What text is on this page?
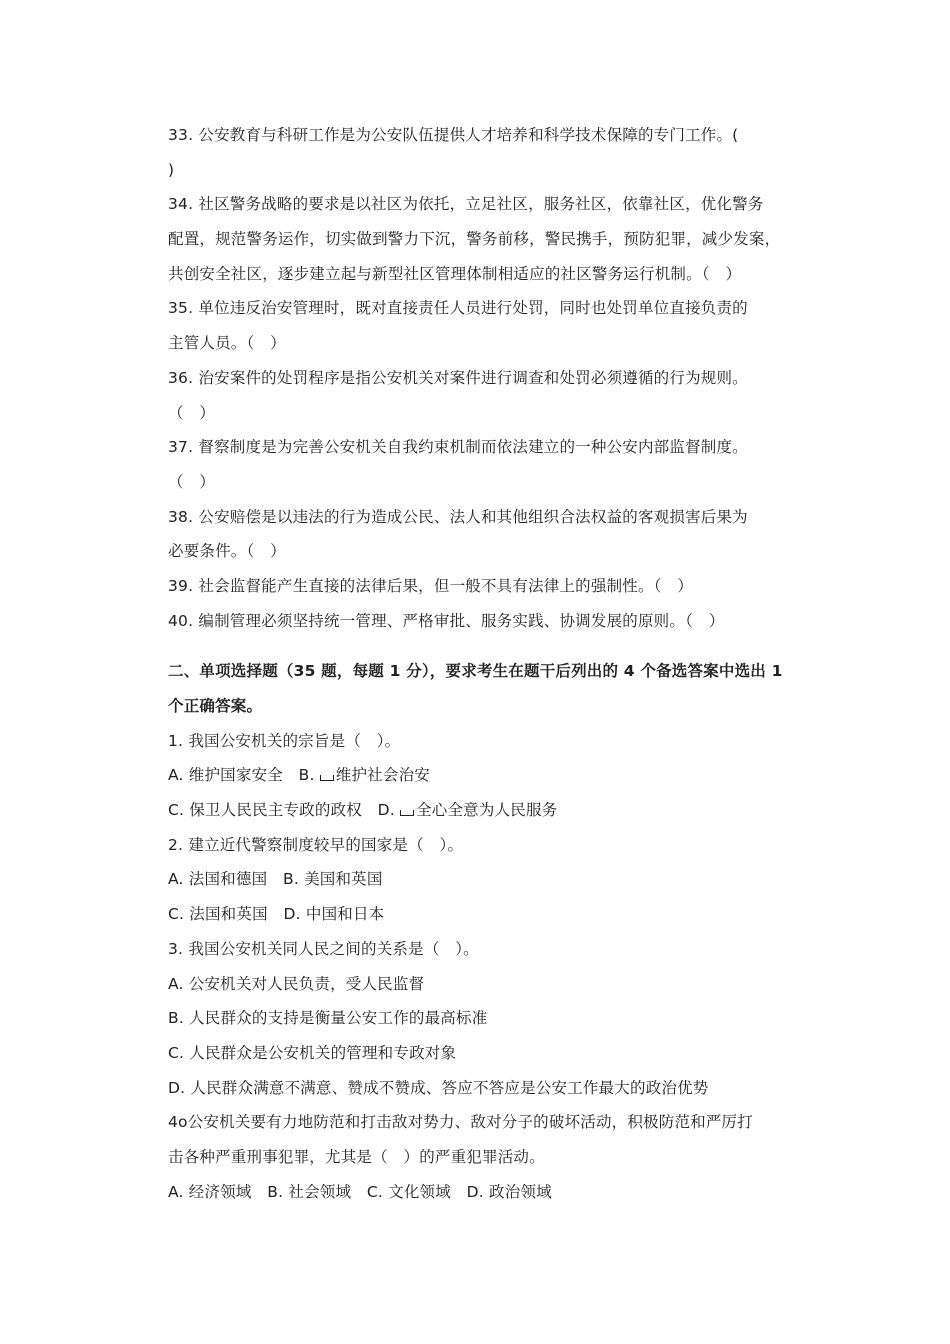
33. 公安教育与科研工作是为公安队伍提供人才培养和科学技术保障的专门工作。(
)
34. 社区警务战略的要求是以社区为依托，立足社区，服务社区，依靠社区，优化警务
配置，规范警务运作，切实做到警力下沉，警务前移，警民携手，预防犯罪，减少发案，
共创安全社区，逐步建立起与新型社区管理体制相适应的社区警务运行机制。（　）
35. 单位违反治安管理时，既对直接责任人员进行处罚，同时也处罚单位直接负责的
主管人员。（　）
36. 治安案件的处罚程序是指公安机关对案件进行调查和处罚必须遵循的行为规则。
（　）
37. 督察制度是为完善公安机关自我约束机制而依法建立的一种公安内部监督制度。
（　）
38. 公安赔偿是以违法的行为造成公民、法人和其他组织合法权益的客观损害后果为
必要条件。（　）
39. 社会监督能产生直接的法律后果，但一般不具有法律上的强制性。（　）
40. 编制管理必须坚持统一管理、严格审批、服务实践、协调发展的原则。（　）
二、单项选择题（35 题，每题 1 分），要求考生在题干后列出的 4 个备选答案中选出 1
个正确答案。
1. 我国公安机关的宗旨是（　）。
A. 维护国家安全　B. 维护社会治安
C. 保卫人民民主专政的政权　D. 全心全意为人民服务
2. 建立近代警察制度较早的国家是（　）。
A. 法国和德国　B. 美国和英国
C. 法国和英国　D. 中国和日本
3. 我国公安机关同人民之间的关系是（　）。
A. 公安机关对人民负责，受人民监督
B. 人民群众的支持是衡量公安工作的最高标准
C. 人民群众是公安机关的管理和专政对象
D. 人民群众满意不满意、赞成不赞成、答应不答应是公安工作最大的政治优势
4o公安机关要有力地防范和打击敌对势力、敌对分子的破坏活动，积极防范和严厉打
击各种严重刑事犯罪，尤其是（　）的严重犯罪活动。
A. 经济领域　B. 社会领域　C. 文化领域　D. 政治领域
